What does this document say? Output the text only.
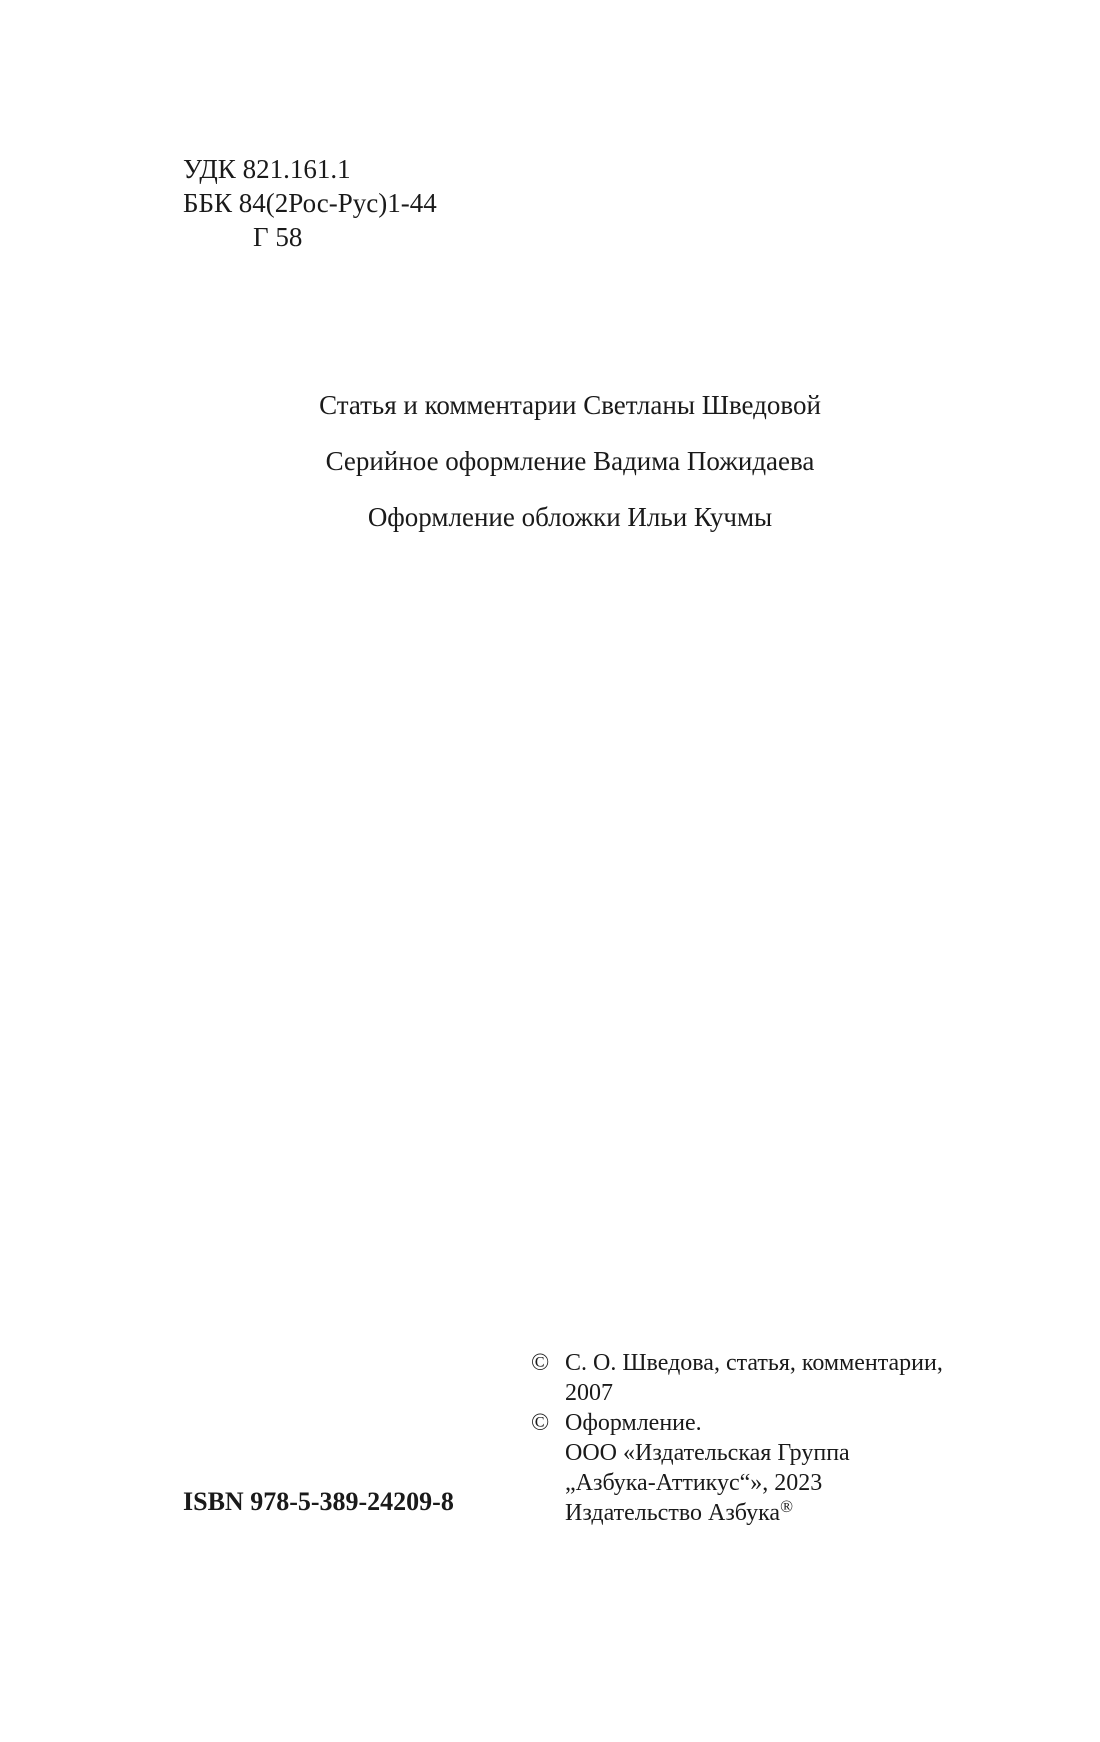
УДК 821.161.1
ББК 84(2Рос-Рус)1-44
Г 58
Статья и комментарии Светланы Шведовой
Серийное оформление Вадима Пожидаева
Оформление обложки Ильи Кучмы
ISBN 978-5-389-24209-8
© С. О. Шведова, статья, комментарии,
2007
© Оформление.
ООО «Издательская Группа
„Азбука-Аттикус“», 2023
Издательство Азбука®
